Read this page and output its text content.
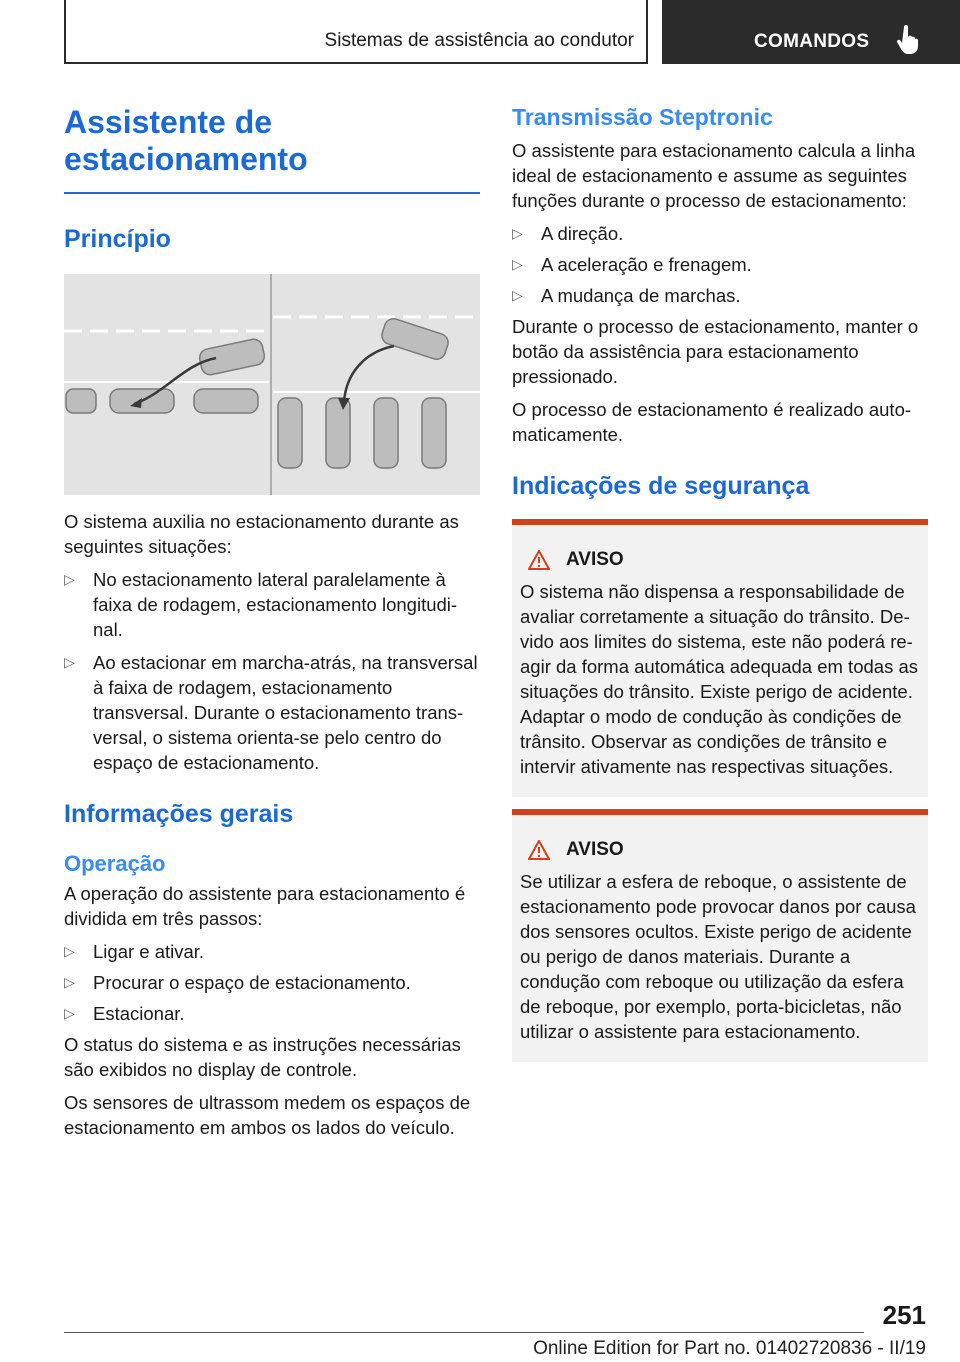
Sistemas de assistência ao condutor	COMANDOS
Assistente de estacionamento
Princípio

O sistema auxilia no estacionamento durante as seguintes situações:

▷ No estacionamento lateral paralelamente à faixa de rodagem, estacionamento longitudinal.
▷ Ao estacionar em marcha-atrás, na transversal à faixa de rodagem, estacionamento transversal. Durante o estacionamento transversal, o sistema orienta-se pelo centro do espaço de estacionamento.
Informações gerais
Operação

A operação do assistente para estacionamento é dividida em três passos:

▷ Ligar e ativar.
▷ Procurar o espaço de estacionamento.
▷ Estacionar.

O status do sistema e as instruções necessárias são exibidos no display de controle.

Os sensores de ultrassom medem os espaços de estacionamento em ambos os lados do veículo.

Transmissão Steptronic

O assistente para estacionamento calcula a linha ideal de estacionamento e assume as seguintes funções durante o processo de estacionamento:

▷ A direção.
▷ A aceleração e frenagem.
▷ A mudança de marchas.

Durante o processo de estacionamento, manter o botão da assistência para estacionamento pressionado.

O processo de estacionamento é realizado automaticamente.

Indicações de segurança
AVISO

O sistema não dispensa a responsabilidade de avaliar corretamente a situação do trânsito. Devido aos limites do sistema, este não poderá reagir da forma automática adequada em todas as situações do trânsito. Existe perigo de acidente. Adaptar o modo de condução às condições de trânsito. Observar as condições de trânsito e intervir ativamente nas respectivas situações.

AVISO

Se utilizar a esfera de reboque, o assistente de estacionamento pode provocar danos por causa dos sensores ocultos. Existe perigo de acidente ou perigo de danos materiais. Durante a condução com reboque ou utilização da esfera de reboque, por exemplo, porta-bicicletas, não utilizar o assistente para estacionamento.

251
Online Edition for Part no. 01402720836 - II/19
